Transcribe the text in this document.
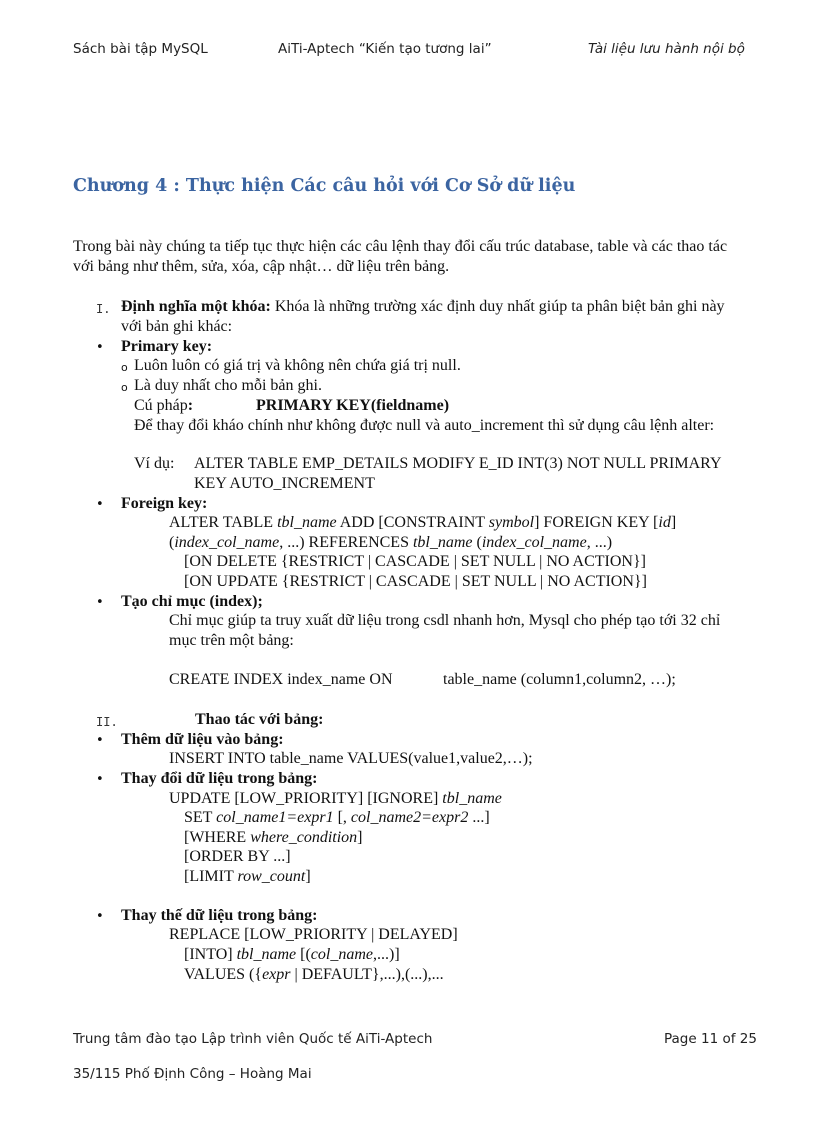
Sách bài tập MySQL	AiTi-Aptech “Kiến tạo tương lai”	Tài liệu lưu hành nội bộ
Chương 4 : Thực hiện Các câu hỏi với Cơ Sở dữ liệu
Trong bài này chúng ta tiếp tục thực hiện các câu lệnh thay đổi cấu trúc database, table và các thao tác
với bảng như thêm, sửa, xóa, cập nhật… dữ liệu trên bảng.
I. Định nghĩa một khóa: Khóa là những trường xác định duy nhất giúp ta phân biệt bản ghi này
với bản ghi khác:
• Primary key:
o Luôn luôn có giá trị và không nên chứa giá trị null.
o Là duy nhất cho mỗi bản ghi.
Cú pháp:	PRIMARY KEY(fieldname)
Để thay đổi kháo chính như không được null và auto_increment thì sử dụng câu lệnh alter:
Ví dụ: ALTER TABLE EMP_DETAILS MODIFY E_ID INT(3) NOT NULL PRIMARY
KEY AUTO_INCREMENT
• Foreign key:
ALTER TABLE tbl_name ADD [CONSTRAINT symbol] FOREIGN KEY [id]
(index_col_name, ...) REFERENCES tbl_name (index_col_name, ...)
[ON DELETE {RESTRICT | CASCADE | SET NULL | NO ACTION}]
[ON UPDATE {RESTRICT | CASCADE | SET NULL | NO ACTION}]
• Tạo chỉ mục (index);
Chỉ mục giúp ta truy xuất dữ liệu trong csdl nhanh hơn, Mysql cho phép tạo tới 32 chỉ
mục trên một bảng:
CREATE INDEX index_name ON	table_name (column1,column2, …);
II.	Thao tác với bảng:
• Thêm dữ liệu vào bảng:
INSERT INTO table_name VALUES(value1,value2,…);
• Thay đổi dữ liệu trong bảng:
UPDATE [LOW_PRIORITY] [IGNORE] tbl_name
SET col_name1=expr1 [, col_name2=expr2 ...]
[WHERE where_condition]
[ORDER BY ...]
[LIMIT row_count]
• Thay thế dữ liệu trong bảng:
REPLACE [LOW_PRIORITY | DELAYED]
[INTO] tbl_name [(col_name,...)]
VALUES ({expr | DEFAULT},...),(...),...
Trung tâm đào tạo Lập trình viên Quốc tế AiTi-Aptech	Page 11 of 25
35/115 Phố Định Công – Hoàng Mai
